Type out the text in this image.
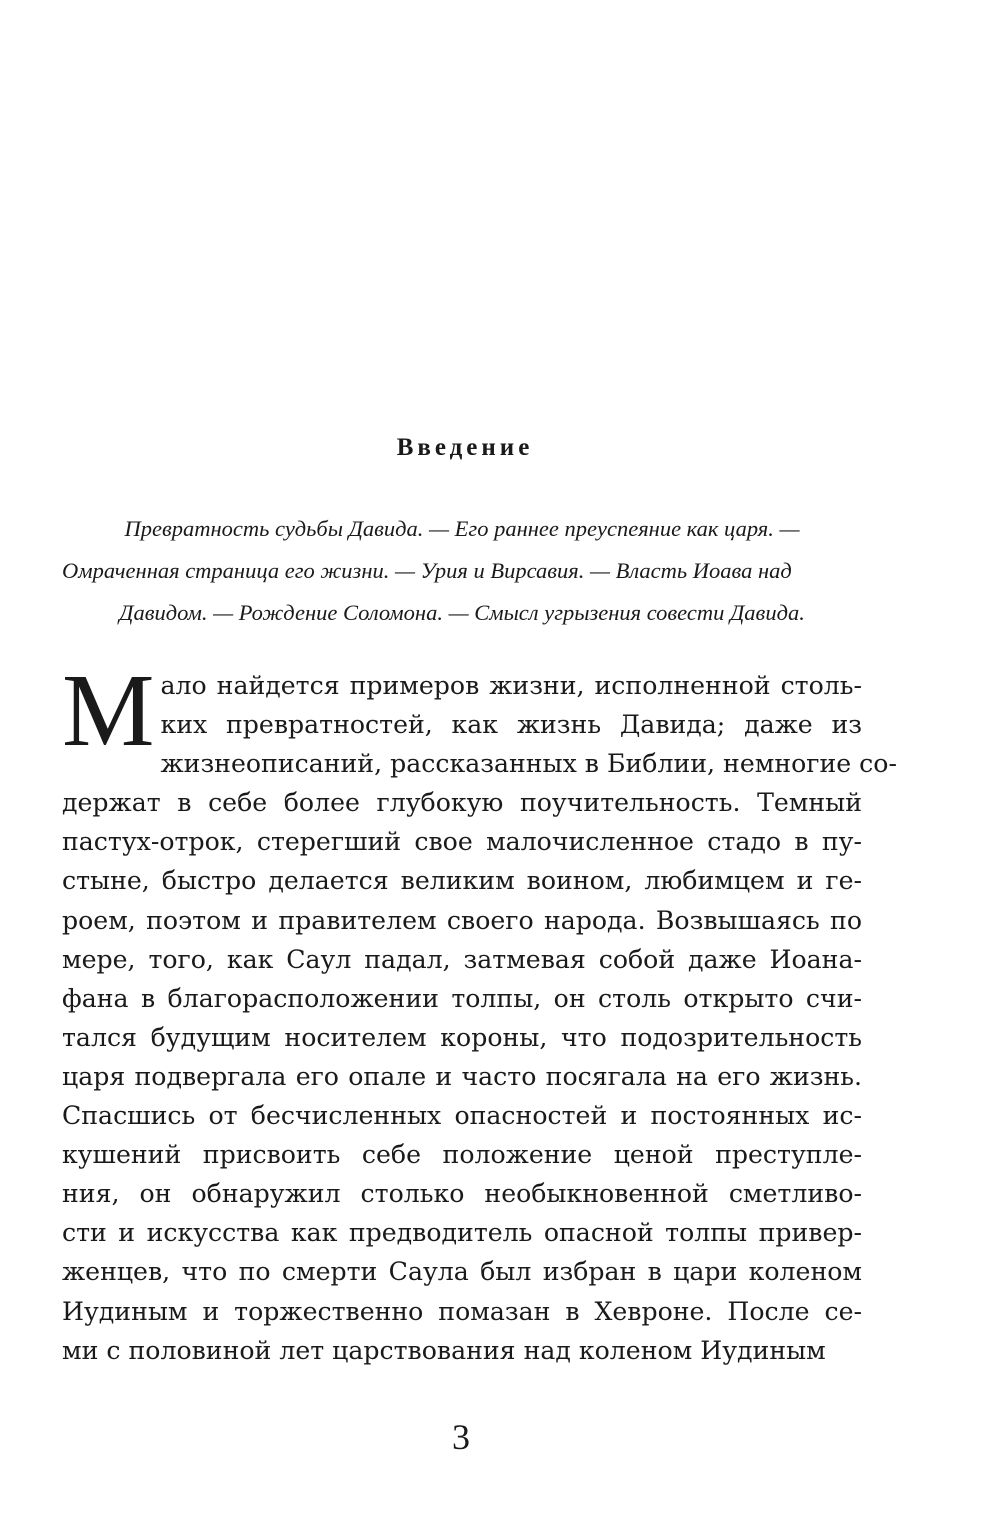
Введение

Превратность судьбы Давида. — Его раннее преуспеяние как царя. —
Омраченная страница его жизни. — Урия и Вирсавия. — Власть Иоава над
Давидом. — Рождение Соломона. — Смысл угрызения совести Давида.

М ало найдется примеров жизни, исполненной столь-
ких превратностей, как жизнь Давида; даже из
жизнеописаний, рассказанных в Библии, немногие со-
держат в себе более глубокую поучительность. Темный
пастух-отрок, стерегший свое малочисленное стадо в пу-
стыне, быстро делается великим воином, любимцем и ге-
роем, поэтом и правителем своего народа. Возвышаясь по
мере, того, как Саул падал, затмевая собой даже Иоана-
фана в благорасположении толпы, он столь открыто счи-
тался будущим носителем короны, что подозрительность
царя подвергала его опале и часто посягала на его жизнь.
Спасшись от бесчисленных опасностей и постоянных ис-
кушений присвоить себе положение ценой преступле-
ния, он обнаружил столько необыкновенной сметливо-
сти и искусства как предводитель опасной толпы привер-
женцев, что по смерти Саула был избран в цари коленом
Иудиным и торжественно помазан в Хевроне. После се-
ми с половиной лет царствования над коленом Иудиным
3
